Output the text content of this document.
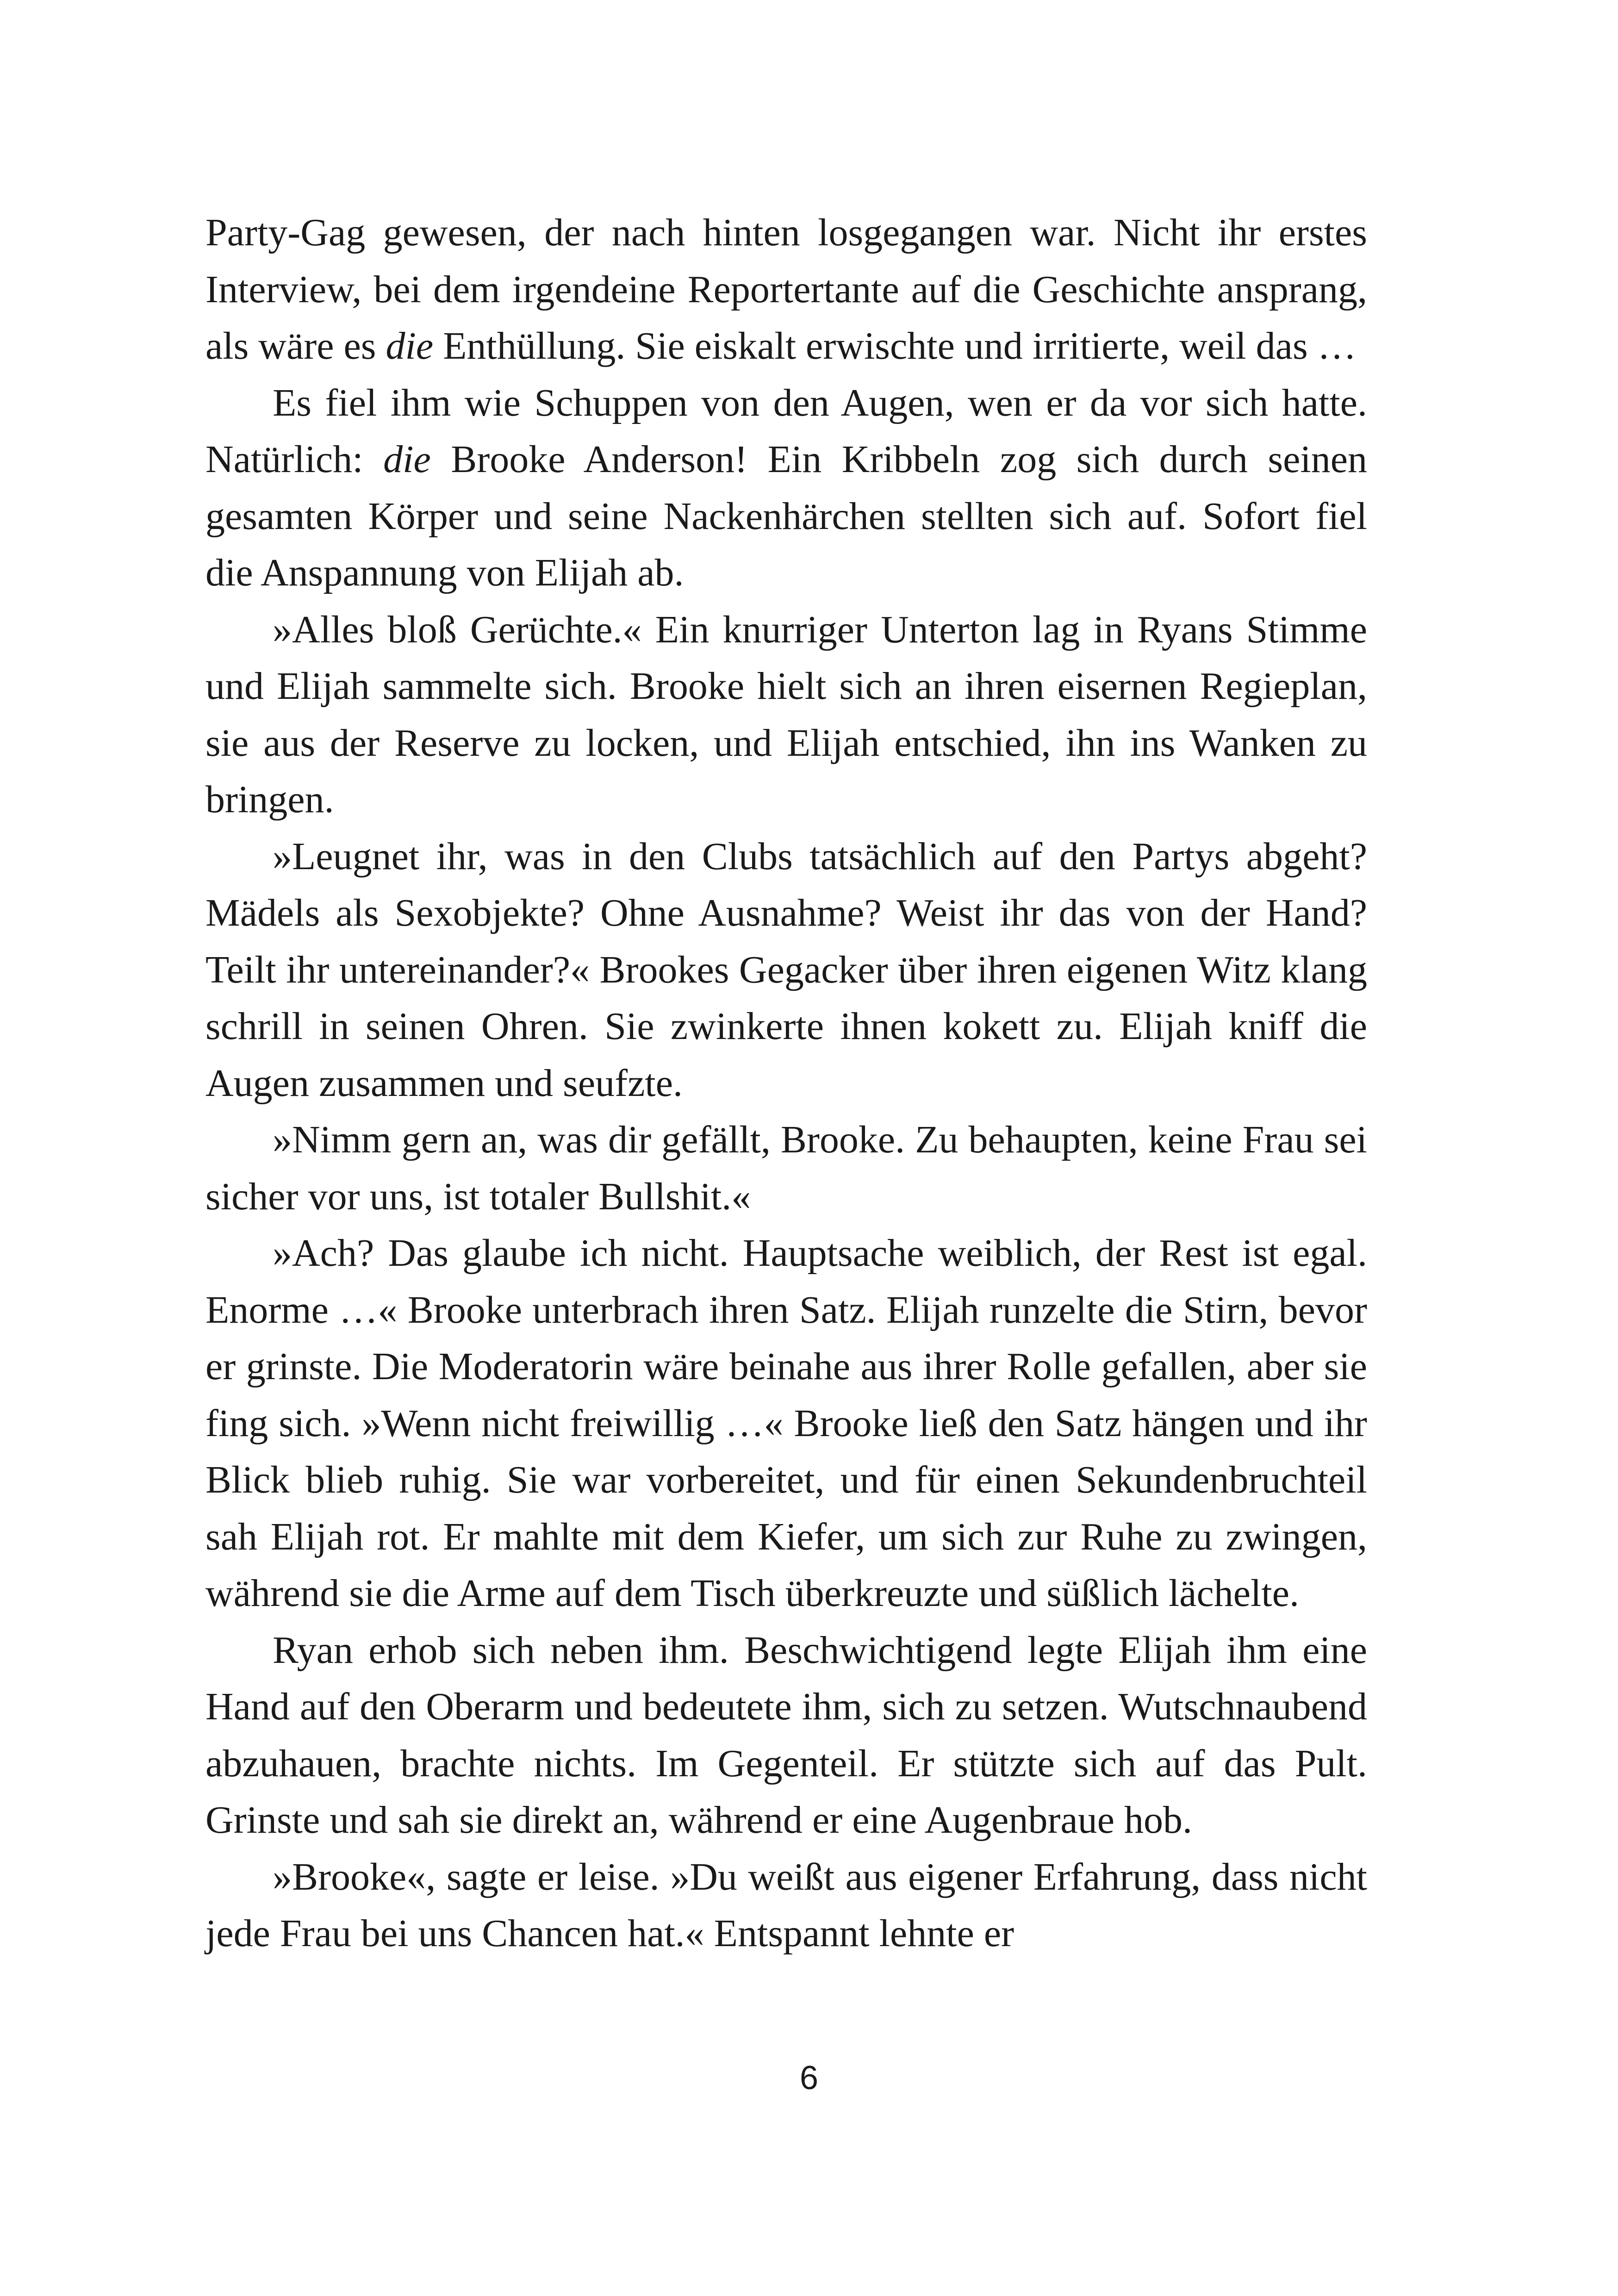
Party-Gag gewesen, der nach hinten losgegangen war. Nicht ihr erstes Interview, bei dem irgendeine Reportertante auf die Geschichte ansprang, als wäre es die Enthüllung. Sie eiskalt erwischte und irritierte, weil das …

Es fiel ihm wie Schuppen von den Augen, wen er da vor sich hatte. Natürlich: die Brooke Anderson! Ein Kribbeln zog sich durch seinen gesamten Körper und seine Nackenhärchen stellten sich auf. Sofort fiel die Anspannung von Elijah ab.

»Alles bloß Gerüchte.« Ein knurriger Unterton lag in Ryans Stimme und Elijah sammelte sich. Brooke hielt sich an ihren eisernen Regieplan, sie aus der Reserve zu locken, und Elijah entschied, ihn ins Wanken zu bringen.

»Leugnet ihr, was in den Clubs tatsächlich auf den Partys abgeht? Mädels als Sexobjekte? Ohne Ausnahme? Weist ihr das von der Hand? Teilt ihr untereinander?« Brookes Gegacker über ihren eigenen Witz klang schrill in seinen Ohren. Sie zwinkerte ihnen kokett zu. Elijah kniff die Augen zusammen und seufzte.

»Nimm gern an, was dir gefällt, Brooke. Zu behaupten, keine Frau sei sicher vor uns, ist totaler Bullshit.«

»Ach? Das glaube ich nicht. Hauptsache weiblich, der Rest ist egal. Enorme …« Brooke unterbrach ihren Satz. Elijah runzelte die Stirn, bevor er grinste. Die Moderatorin wäre beinahe aus ihrer Rolle gefallen, aber sie fing sich. »Wenn nicht freiwillig …« Brooke ließ den Satz hängen und ihr Blick blieb ruhig. Sie war vorbereitet, und für einen Sekundenbruchteil sah Elijah rot. Er mahlte mit dem Kiefer, um sich zur Ruhe zu zwingen, während sie die Arme auf dem Tisch überkreuzte und süßlich lächelte.

Ryan erhob sich neben ihm. Beschwichtigend legte Elijah ihm eine Hand auf den Oberarm und bedeutete ihm, sich zu setzen. Wutschnaubend abzuhauen, brachte nichts. Im Gegenteil. Er stützte sich auf das Pult. Grinste und sah sie direkt an, während er eine Augenbraue hob.

»Brooke«, sagte er leise. »Du weißt aus eigener Erfahrung, dass nicht jede Frau bei uns Chancen hat.« Entspannt lehnte er

6
